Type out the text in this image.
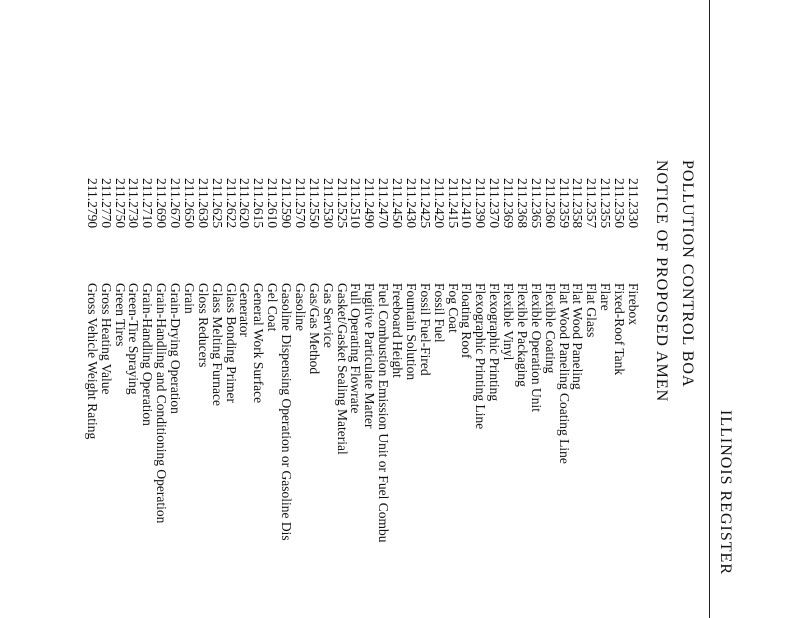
ILLINOIS REGISTER
POLLUTION CONTROL BOA
NOTICE OF PROPOSED AMEN
211.2330Firebox
211.2350Fixed-Roof Tank
211.2355Flare
211.2357Flat Glass
211.2358Flat Wood Paneling
211.2359Flat Wood Paneling Coating Line
211.2360Flexible Coating
211.2365Flexible Operation Unit
211.2368Flexible Packaging
211.2369Flexible Vinyl
211.2370Flexographic Printing
211.2390Flexographic Printing Line
211.2410Floating Roof
211.2415Fog Coat
211.2420Fossil Fuel
211.2425Fossil Fuel-Fired
211.2430Fountain Solution
211.2450Freeboard Height
211.2470Fuel Combustion Emission Unit or Fuel Combu
211.2490Fugitive Particulate Matter
211.2510Full Operating Flowrate
211.2525Gasket/Gasket Sealing Material
211.2530Gas Service
211.2550Gas/Gas Method
211.2570Gasoline
211.2590Gasoline Dispensing Operation or Gasoline Dis
211.2610Gel Coat
211.2615General Work Surface
211.2620Generator
211.2622Glass Bonding Primer
211.2625Glass Melting Furnace
211.2630Gloss Reducers
211.2650Grain
211.2670Grain-Drying Operation
211.2690Grain-Handling and Conditioning Operation
211.2710Grain-Handling Operation
211.2730Green-Tire Spraying
211.2750Green Tires
211.2770Gross Heating Value
211.2790Gross Vehicle Weight Rating
